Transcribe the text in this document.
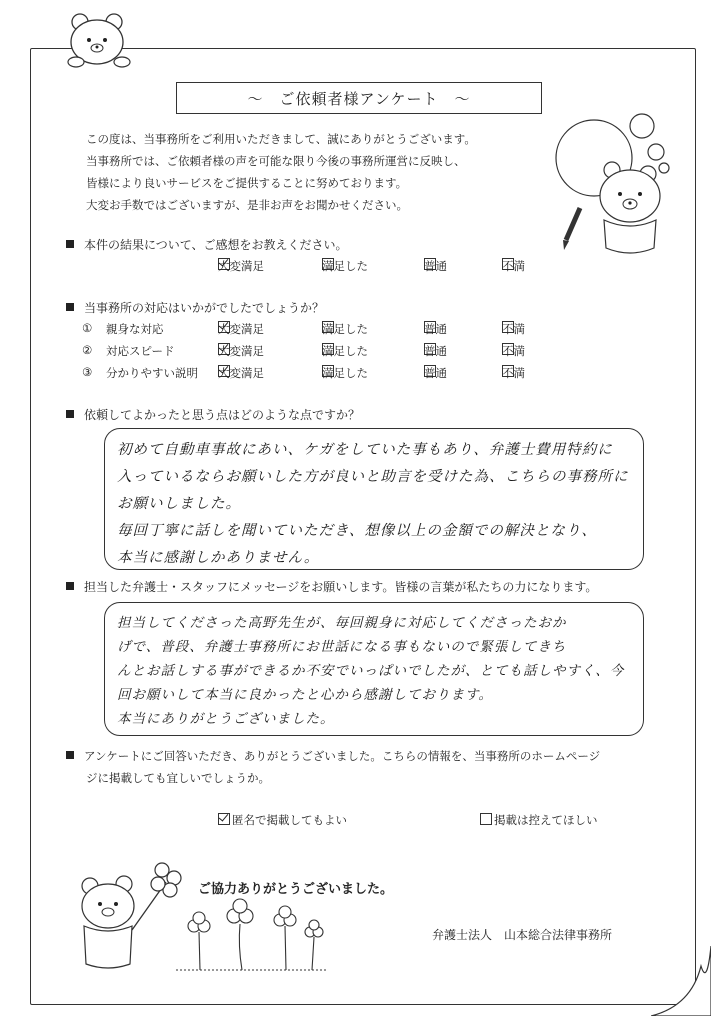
～　ご依頼者様アンケート　～
この度は、当事務所をご利用いただきまして、誠にありがとうございます。
当事務所では、ご依頼者様の声を可能な限り今後の事務所運営に反映し、
皆様により良いサービスをご提供することに努めております。
大変お手数ではございますが、是非お声をお聞かせください。
本件の結果について、ご感想をお教えください。
大変満足	満足した	普通	不満
当事務所の対応はいかがでしたでしょうか？
① 親身な対応	大変満足	満足した	普通	不満
② 対応スピード	大変満足	満足した	普通	不満
③ 分かりやすい説明 大変満足	満足した	普通	不満
依頼してよかったと思う点はどのような点ですか？
初めて自動車事故にあい、ケガをしていた事もあり、弁護士費用特約に
入っているならお願いした方が良いと助言を受けた為、こちらの事務所に
お願いしました。
毎回丁寧に話しを聞いていただき、想像以上の金額での解決となり、
本当に感謝しかありません。
担当した弁護士・スタッフにメッセージをお願いします。皆様の言葉が私たちの力になります。
担当してくださった高野先生が、毎回親身に対応してくださったおか
げで、普段、弁護士事務所にお世話になる事もないので緊張してきち
んとお話しする事ができるか不安でいっぱいでしたが、とても話しやすく、今
回お願いして本当に良かったと心から感謝しております。
本当にありがとうございました。
アンケートにご回答いただき、ありがとうございました。こちらの情報を、当事務所のホームページ
ジに掲載しても宜しいでしょうか。
匿名で掲載してもよい	掲載は控えてほしい
ご協力ありがとうございました。
弁護士法人　山本総合法律事務所
